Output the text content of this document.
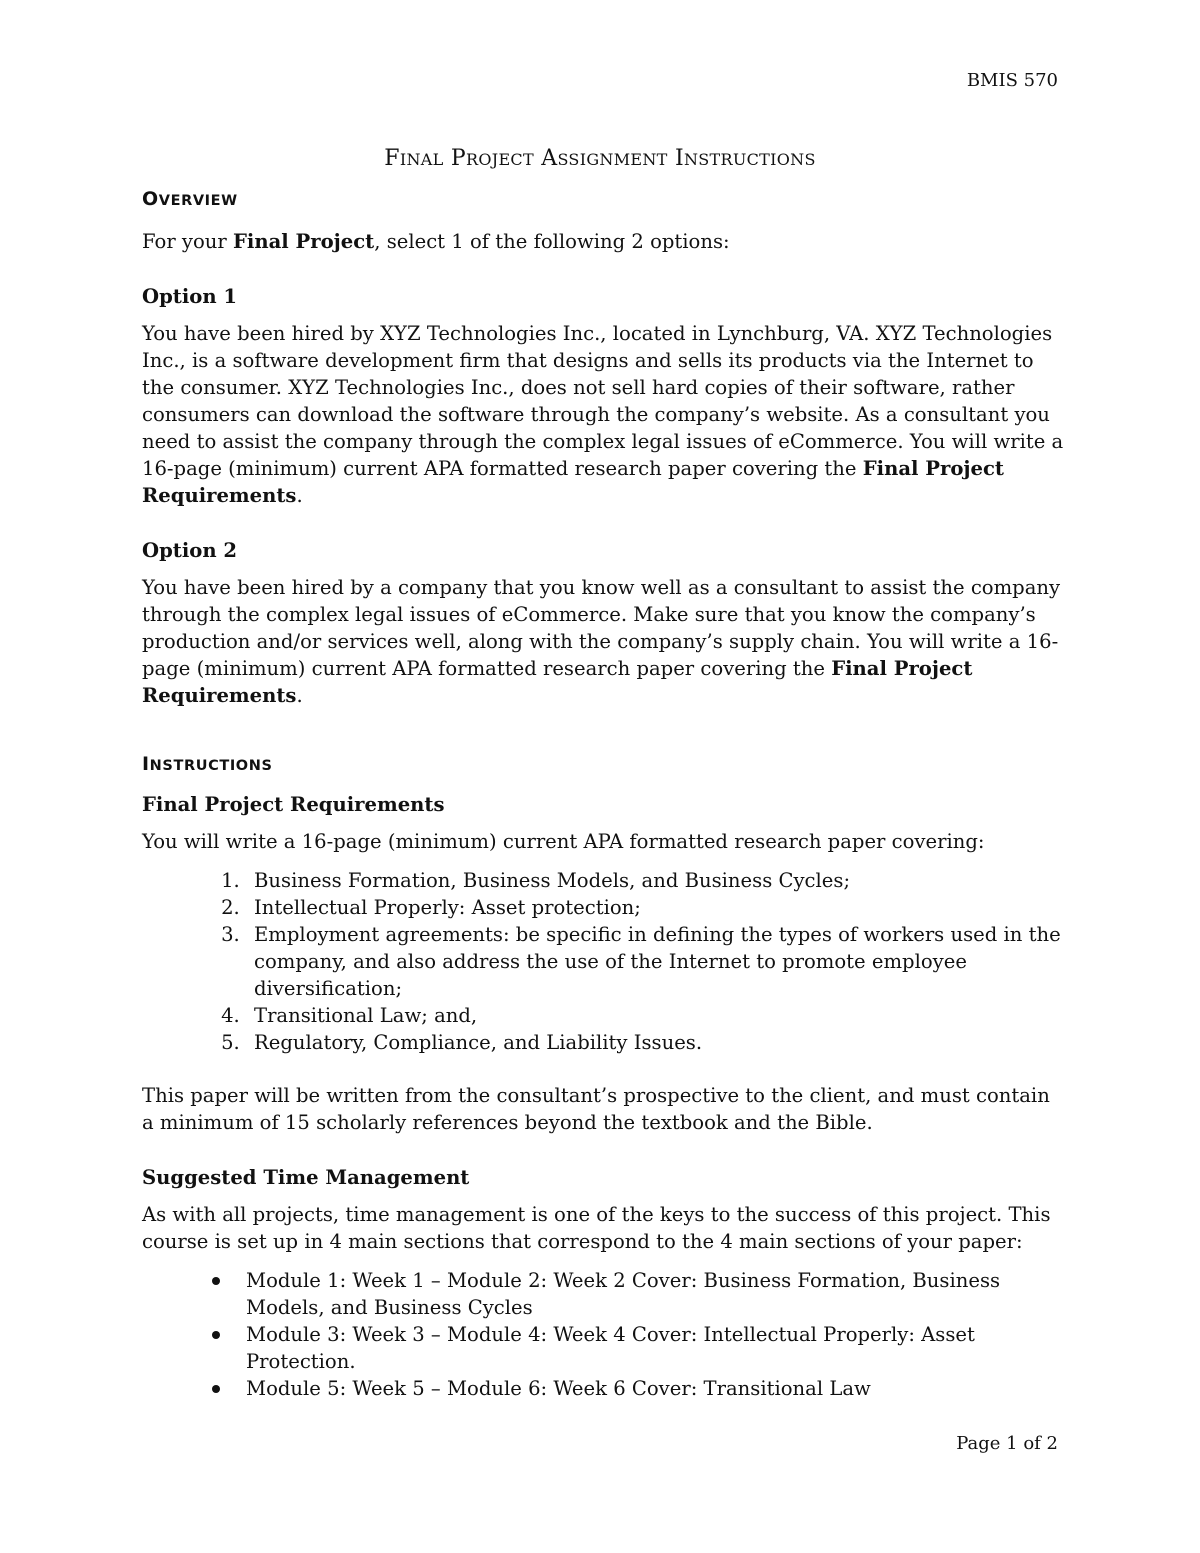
BMIS 570
FINAL PROJECT ASSIGNMENT INSTRUCTIONS
OVERVIEW

For your Final Project, select 1 of the following 2 options:

Option 1

You have been hired by XYZ Technologies Inc., located in Lynchburg, VA. XYZ Technologies Inc., is a software development firm that designs and sells its products via the Internet to the consumer. XYZ Technologies Inc., does not sell hard copies of their software, rather consumers can download the software through the company’s website. As a consultant you need to assist the company through the complex legal issues of eCommerce. You will write a 16-page (minimum) current APA formatted research paper covering the Final Project Requirements.

Option 2

You have been hired by a company that you know well as a consultant to assist the company through the complex legal issues of eCommerce. Make sure that you know the company’s production and/or services well, along with the company’s supply chain. You will write a 16-page (minimum) current APA formatted research paper covering the Final Project Requirements.

INSTRUCTIONS

Final Project Requirements

You will write a 16-page (minimum) current APA formatted research paper covering:

1. Business Formation, Business Models, and Business Cycles;
2. Intellectual Properly: Asset protection;
3. Employment agreements: be specific in defining the types of workers used in the company, and also address the use of the Internet to promote employee diversification;
4. Transitional Law; and,
5. Regulatory, Compliance, and Liability Issues.

This paper will be written from the consultant’s prospective to the client, and must contain a minimum of 15 scholarly references beyond the textbook and the Bible.

Suggested Time Management

As with all projects, time management is one of the keys to the success of this project. This course is set up in 4 main sections that correspond to the 4 main sections of your paper:

Module 1: Week 1 – Module 2: Week 2 Cover: Business Formation, Business Models, and Business Cycles
Module 3: Week 3 – Module 4: Week 4 Cover: Intellectual Properly: Asset Protection.
Module 5: Week 5 – Module 6: Week 6 Cover: Transitional Law
Page 1 of 2
